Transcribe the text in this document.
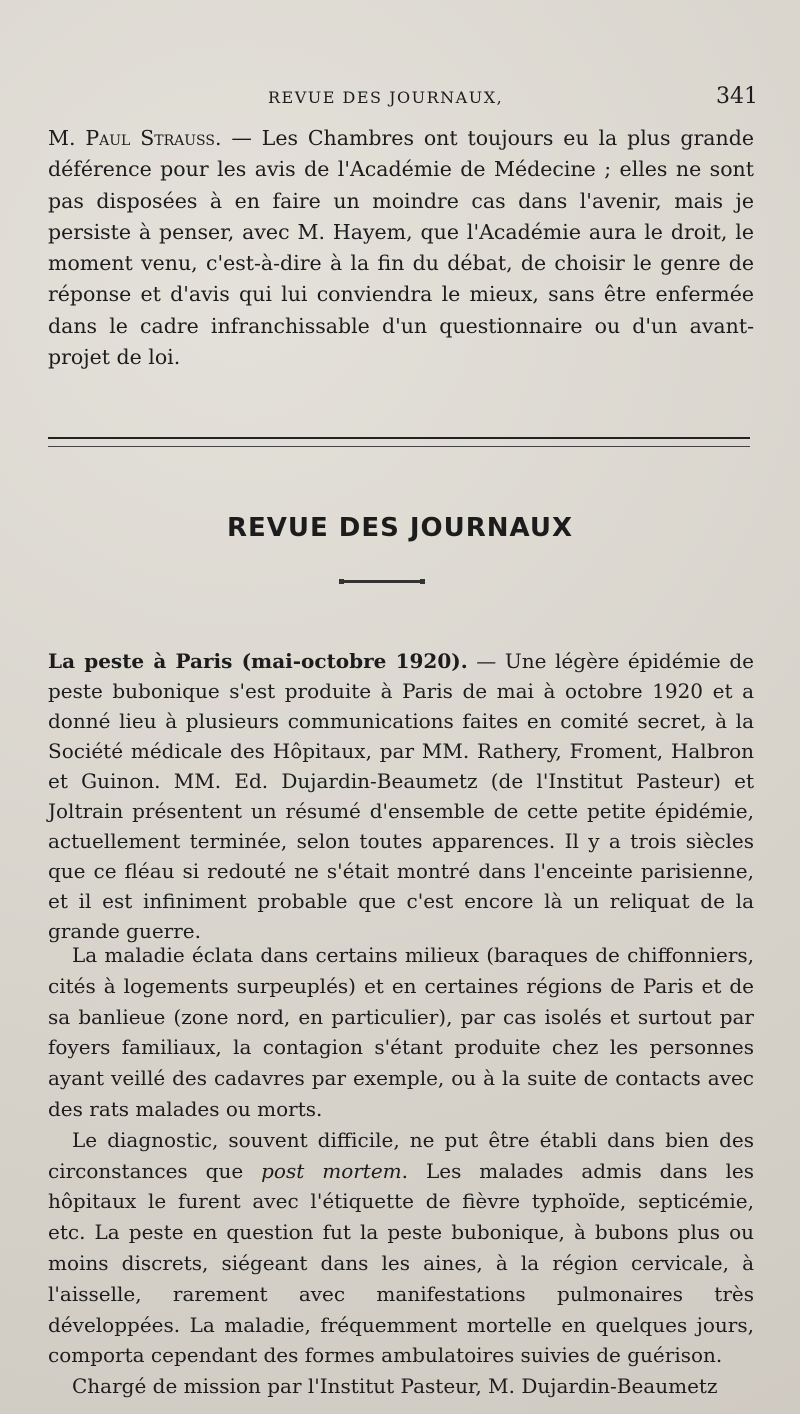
REVUE DES JOURNAUX,	341

M. Paul Strauss. — Les Chambres ont toujours eu la plus grande déférence pour les avis de l'Académie de Médecine ; elles ne sont pas disposées à en faire un moindre cas dans l'avenir, mais je persiste à penser, avec M. Hayem, que l'Académie aura le droit, le moment venu, c'est-à-dire à la fin du débat, de choisir le genre de réponse et d'avis qui lui conviendra le mieux, sans être enfermée dans le cadre infranchissable d'un questionnaire ou d'un avant-projet de loi.

REVUE DES JOURNAUX

La peste à Paris (mai-octobre 1920). — Une légère épidémie de peste bubonique s'est produite à Paris de mai à octobre 1920 et a donné lieu à plusieurs communications faites en comité secret, à la Société médicale des Hôpitaux, par MM. Rathery, Froment, Halbron et Guinon. MM. Ed. Dujardin-Beaumetz (de l'Institut Pasteur) et Joltrain présentent un résumé d'ensemble de cette petite épidémie, actuellement terminée, selon toutes apparences. Il y a trois siècles que ce fléau si redouté ne s'était montré dans l'enceinte parisienne, et il est infiniment probable que c'est encore là un reliquat de la grande guerre.

La maladie éclata dans certains milieux (baraques de chiffonniers, cités à logements surpeuplés) et en certaines régions de Paris et de sa banlieue (zone nord, en particulier), par cas isolés et surtout par foyers familiaux, la contagion s'étant produite chez les personnes ayant veillé des cadavres par exemple, ou à la suite de contacts avec des rats malades ou morts.

Le diagnostic, souvent difficile, ne put être établi dans bien des circonstances que post mortem. Les malades admis dans les hôpitaux le furent avec l'étiquette de fièvre typhoïde, septicémie, etc. La peste en question fut la peste bubonique, à bubons plus ou moins discrets, siégeant dans les aines, à la région cervicale, à l'aisselle, rarement avec manifestations pulmonaires très développées. La maladie, fréquemment mortelle en quelques jours, comporta cependant des formes ambulatoires suivies de guérison.

Chargé de mission par l'Institut Pasteur, M. Dujardin-Beaumetz
